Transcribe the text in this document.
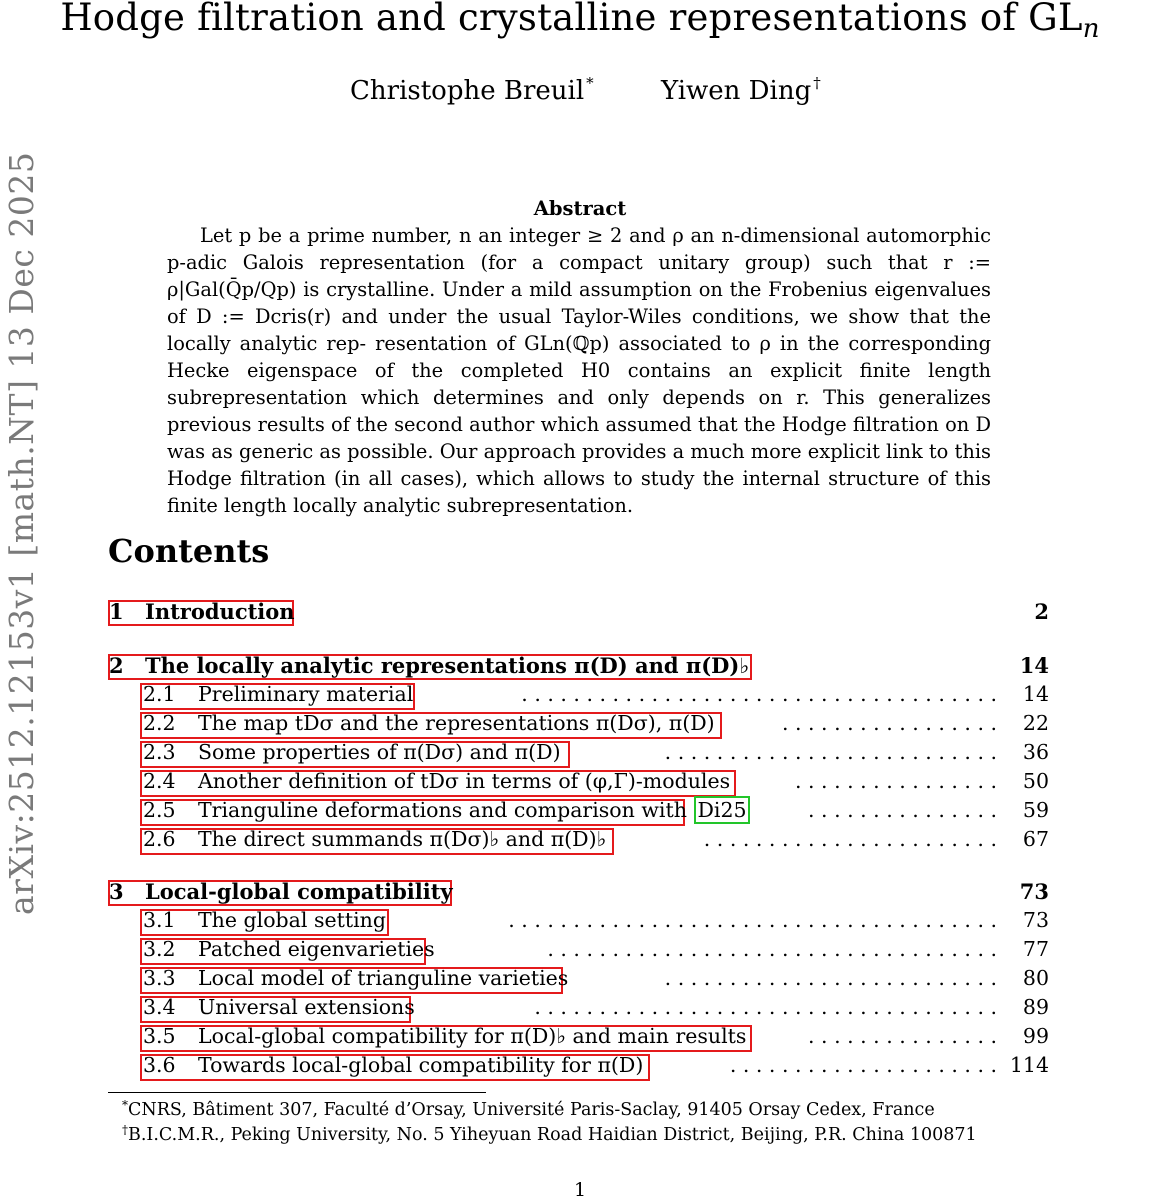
Hodge filtration and crystalline representations of $GL_n$
Christophe Breuil *	Yiwen Ding †
arXiv:2512.12153v1 [math.NT] 13 Dec 2025	Abstract
Let p be a prime number, n an integer ≥ 2 and ρ an n-dimensional automorphic p-adic Galois representation (for a compact unitary group) such that r := ρ|Gal(Q̄p/Qp) is crystalline. Under a mild assumption on the Frobenius eigenvalues of D := Dcris(r) and under the usual Taylor-Wiles conditions, we show that the locally analytic rep- resentation of GLn(ℚp) associated to ρ in the corresponding Hecke eigenspace of the completed H0 contains an explicit finite length subrepresentation which determines and only depends on r. This generalizes previous results of the second author which assumed that the Hodge filtration on D was as generic as possible. Our approach provides a much more explicit link to this Hodge filtration (in all cases), which allows to study the internal structure of this finite length locally analytic subrepresentation.
Contents
1 Introduction	2
2 The locally analytic representations π(D) and π(D)♭	14
2.1 Preliminary material	. . . . . . . . . . . . . . . . . . . . . . . . . . . . . . . . . . . . . 14
2.2 The map tDσ and the representations π(Dσ), π(D)	. . . . . . . . . . . . . . . . . 22
2.3 Some properties of π(Dσ) and π(D)	. . . . . . . . . . . . . . . . . . . . . . . . . . 36
2.4 Another definition of tDσ in terms of (φ,Γ)-modules	. . . . . . . . . . . . . . . . 50
2.5 Trianguline deformations and comparison with Di25	. . . . . . . . . . . . . . . 59
2.6 The direct summands π(Dσ)♭ and π(D)♭	. . . . . . . . . . . . . . . . . . . . . . . 67
3 Local-global compatibility	73
3.1 The global setting	. . . . . . . . . . . . . . . . . . . . . . . . . . . . . . . . . . . . . . 73
3.2 Patched eigenvarieties	. . . . . . . . . . . . . . . . . . . . . . . . . . . . . . . . . . . 77
3.3 Local model of trianguline varieties	. . . . . . . . . . . . . . . . . . . . . . . . . . 80
3.4 Universal extensions	. . . . . . . . . . . . . . . . . . . . . . . . . . . . . . . . . . . . 89
3.5 Local-global compatibility for π(D)♭ and main results	. . . . . . . . . . . . . . . 99
3.6 Towards local-global compatibility for π(D)	. . . . . . . . . . . . . . . . . . . . . 114
*CNRS, Bâtiment 307, Faculté d’Orsay, Université Paris-Saclay, 91405 Orsay Cedex, France
†B.I.C.M.R., Peking University, No. 5 Yiheyuan Road Haidian District, Beijing, P.R. China 100871
1
